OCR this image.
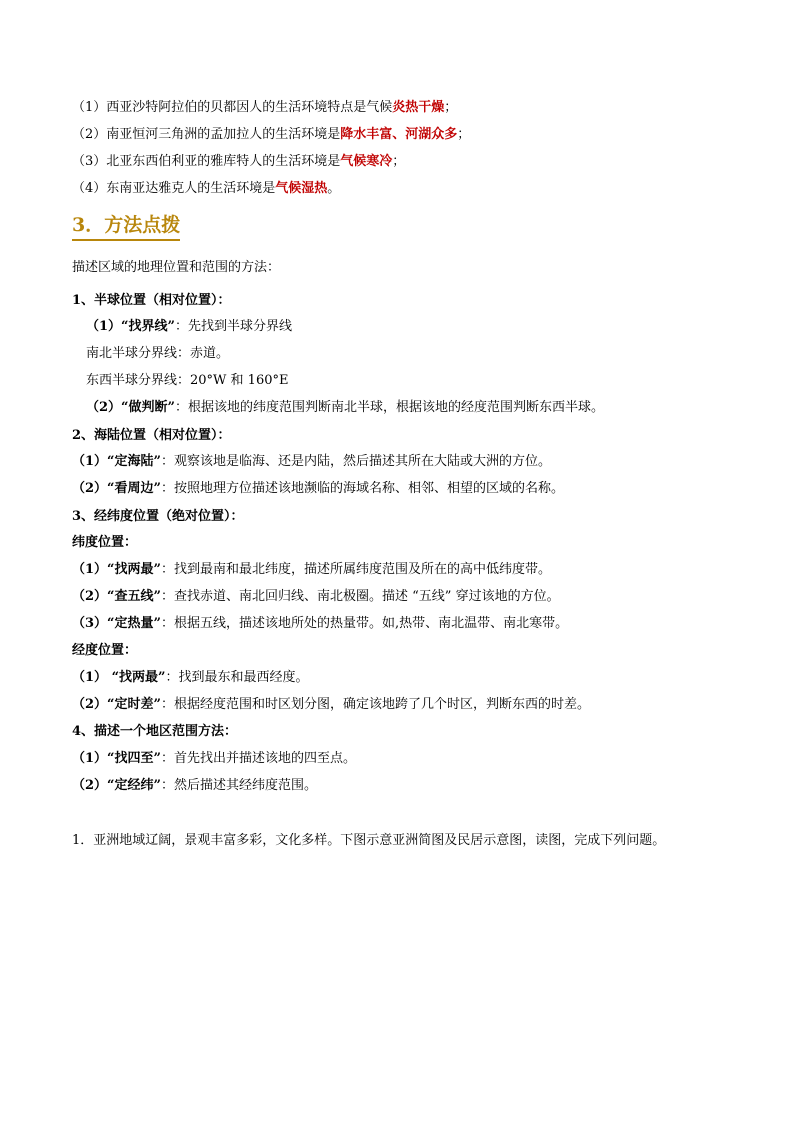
（1）西亚沙特阿拉伯的贝都因人的生活环境特点是气候炎热干燥；
（2）南亚恒河三角洲的孟加拉人的生活环境是降水丰富、河湖众多；
（3）北亚东西伯利亚的雅库特人的生活环境是气候寒冷；
（4）东南亚达雅克人的生活环境是气候湿热。
3．方法点拨
描述区域的地理位置和范围的方法：
1、半球位置（相对位置）：
（1）“找界线”：先找到半球分界线
南北半球分界线：赤道。
东西半球分界线：20°W 和 160°E
（2）“做判断”：根据该地的纬度范围判断南北半球，根据该地的经度范围判断东西半球。
2、海陆位置（相对位置）：
（1）“定海陆”：观察该地是临海、还是内陆，然后描述其所在大陆或大洲的方位。
（2）“看周边”：按照地理方位描述该地濒临的海域名称、相邻、相望的区域的名称。
3、经纬度位置（绝对位置）：
纬度位置：
（1）“找两最”：找到最南和最北纬度，描述所属纬度范围及所在的高中低纬度带。
（2）“查五线”：查找赤道、南北回归线、南北极圈。描述 “五线” 穿过该地的方位。
（3）“定热量”：根据五线，描述该地所处的热量带。如,热带、南北温带、南北寒带。
经度位置：
（1） “找两最”：找到最东和最西经度。
（2）“定时差”：根据经度范围和时区划分图，确定该地跨了几个时区，判断东西的时差。
4、描述一个地区范围方法：
（1）“找四至”：首先找出并描述该地的四至点。
（2）“定经纬”：然后描述其经纬度范围。
1．亚洲地域辽阔，景观丰富多彩，文化多样。下图示意亚洲简图及民居示意图，读图，完成下列问题。
